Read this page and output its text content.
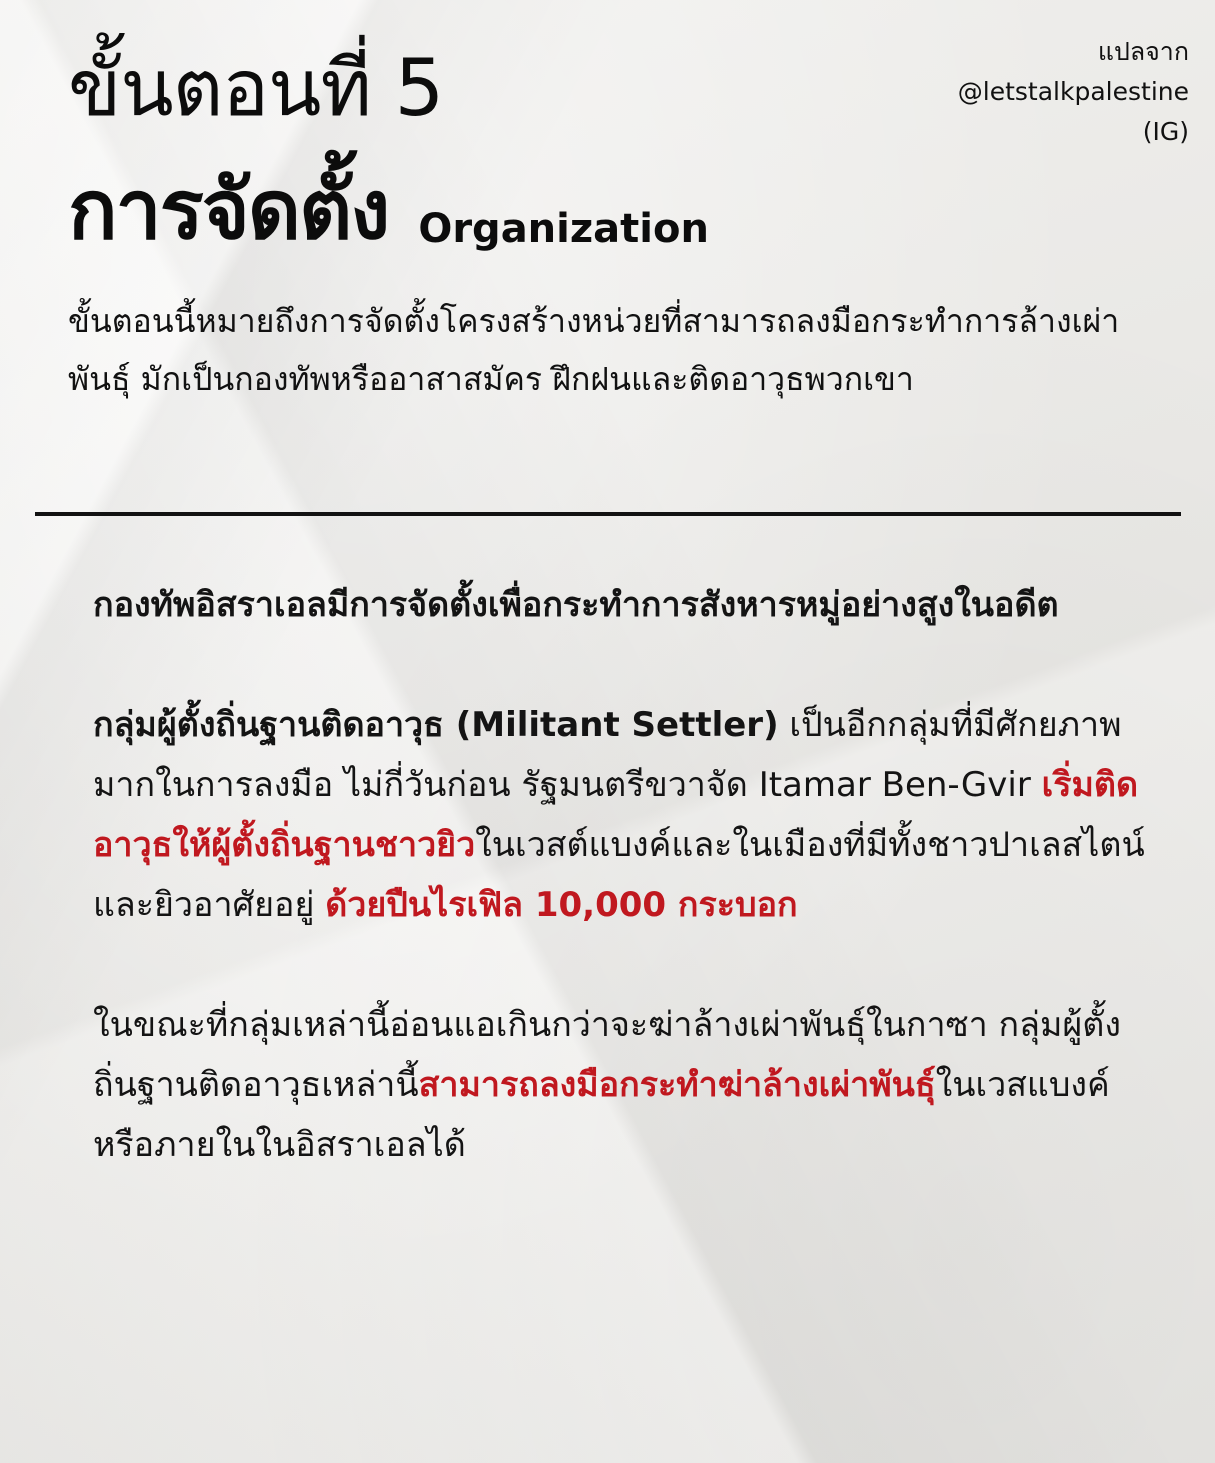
แปลจาก
@letstalkpalestine
(IG)
ขั้นตอนที่ 5
การจัดตั้ง Organization

ขั้นตอนนี้หมายถึงการจัดตั้งโครงสร้างหน่วยที่สามารถลงมือกระทำการล้างเผ่าพันธุ์ มักเป็นกองทัพหรืออาสาสมัคร ฝึกฝนและติดอาวุธพวกเขา

กองทัพอิสราเอลมีการจัดตั้งเพื่อกระทำการสังหารหมู่อย่างสูงในอดีต

กลุ่มผู้ตั้งถิ่นฐานติดอาวุธ (Militant Settler) เป็นอีกกลุ่มที่มีศักยภาพมากในการลงมือ ไม่กี่วันก่อน รัฐมนตรีขวาจัด Itamar Ben-Gvir เริ่มติดอาวุธให้ผู้ตั้งถิ่นฐานชาวยิวในเวสต์แบงค์และในเมืองที่มีทั้งชาวปาเลสไตน์และยิวอาศัยอยู่ ด้วยปืนไรเฟิล 10,000 กระบอก

ในขณะที่กลุ่มเหล่านี้อ่อนแอเกินกว่าจะฆ่าล้างเผ่าพันธุ์ในกาซา กลุ่มผู้ตั้งถิ่นฐานติดอาวุธเหล่านี้สามารถลงมือกระทำฆ่าล้างเผ่าพันธุ์ในเวสแบงค์หรือภายในในอิสราเอลได้
